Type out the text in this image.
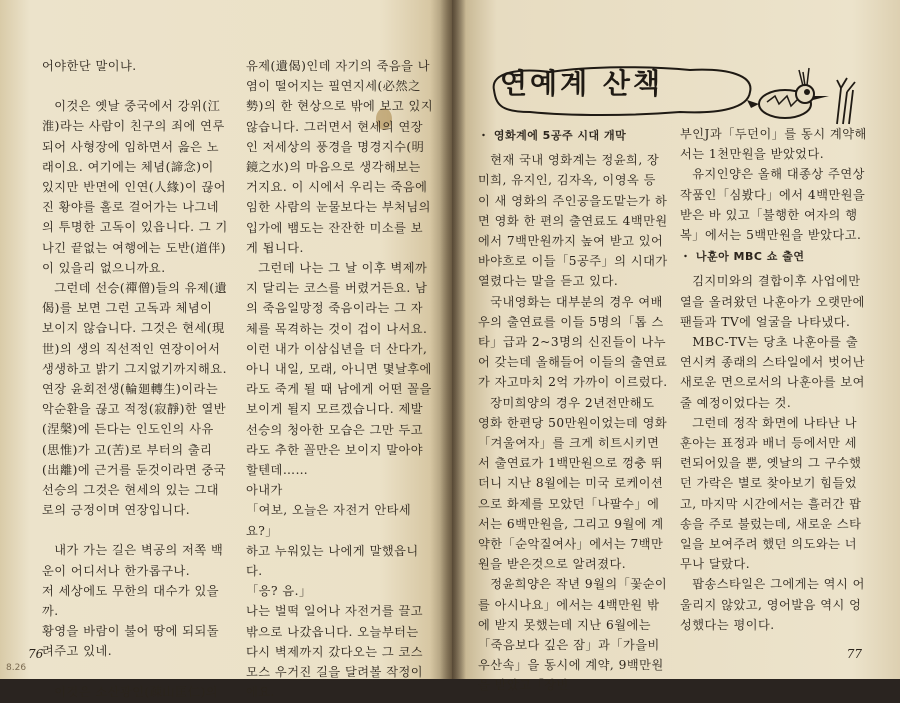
어야한단 말이냐.

이것은 옛날 중국에서 강위(江淮)라는 사람이 친구의 죄에 연루되어 사형장에 임하면서 읊은 노래이요. 여기에는 체념(諦念)이 있지만 반면에 인연(人緣)이 끊어진 황야를 홀로 걸어가는 나그네의 투명한 고독이 있읍니다. 그 기나긴 끝없는 여행에는 도반(道伴)이 있을리 없으니까요.

그런데 선승(禪僧)들의 유제(遺偈)를 보면 그런 고독과 체념이 보이지 않습니다. 그것은 현세(現世)의 생의 직선적인 연장이어서 생생하고 밝기 그지없기까지해요. 연장 윤회전생(輪廻轉生)이라는 악순환을 끊고 적정(寂靜)한 열반(涅槃)에 든다는 인도인의 사유(思惟)가 고(苦)로 부터의 출리(出離)에 근거를 둔것이라면 중국선승의 그것은 현세의 있는 그대로의 긍정이며 연장입니다.

내가 가는 길은 벽공의 저쪽 백운이 어디서나 한가롭구나.
저 세상에도 무한의 대수가 있을까.
황영을 바람이 불어 땅에 되되돌려주고 있네.

이것은 소산광인(疎山匡仁)의

유제(遺偈)인데 자기의 죽음을 나염이 떨어지는 필연지세(必然之勢)의 한 현상으로 밖에 보고 있지 않습니다. 그러면서 현세의 연장인 저세상의 풍경을 명경지수(明鏡之水)의 마음으로 생각해보는 거지요. 이 시에서 우리는 죽음에 임한 사람의 눈물보다는 부처님의 입가에 뱀도는 잔잔한 미소를 보게 됩니다.

그런데 나는 그 날 이후 벽제까지 달리는 코스를 버렸거든요. 남의 죽음일망정 죽음이라는 그 자체를 목격하는 것이 겁이 나서요. 이런 내가 이삼십년을 더 산다가, 아니 내일, 모래, 아니면 몇날후에라도 죽게 될 때 남에게 어떤 꼴을 보이게 될지 모르겠습니다. 제발 선승의 청아한 모습은 그만 두고라도 추한 꼴만은 보이지 말아야 할텐데……

아내가
「여보, 오늘은 자전거 안타세요?」
하고 누워있는 나에게 말했읍니다.
「응? 음.」
나는 벌떡 일어나 자전거를 끌고 밖으로 나갔읍니다. 오늘부터는 다시 벽제까지 갔다오는 그 코스모스 우거진 길을 달려볼 작정이에요.

76
8.26

・ 영화계에 5공주 시대 개막

현재 국내 영화계는 정윤희, 장미희, 유지인, 김자옥, 이영옥 등이 새 영화의 주인공을도맡는가 하면 영화 한 편의 출연료도 4백만원에서 7백만원까지 높여 받고 있어 바야흐로 이들「5공주」의 시대가 열렸다는 말을 듣고 있다.

국내영화는 대부분의 경우 여배우의 출연료를 이들 5명의「톱 스타」급과 2~3명의 신진들이 나누어 갖는데 올해들어 이들의 출연료가 자고마치 2억 가까이 이르렀다.

장미희양의 경우 2년전만해도 영화 한편당 50만원이었는데 영화「겨울여자」를 크게 히트시키면서 출연료가 1백만원으로 껑충 뛰더니 지난 8월에는 미국 로케이션으로 화제를 모았던「나팔수」에서는 6백만원을, 그리고 9월에 계약한「순악질여사」에서는 7백만원을 받은것으로 알려졌다.

정윤희양은 작년 9월의「꽃순이를 아시나요」에서는 4백만원 밖에 받지 못했는데 지난 6월에는「죽음보다 깊은 잠」과「가을비 우산속」을 동시에 계약, 9백만원을 받았고「장변

부인J과「두던이」를 동시 계약해서는 1천만원을 받았었다.

유지인양은 올해 대종상 주연상 작품인「심봤다」에서 4백만원을 받은 바 있고「불행한 여자의 행복」에서는 5백만원을 받았다고.

・ 나훈아 MBC 쇼 출연

김지미와의 결합이후 사업에만 열을 올려왔던 나훈아가 오랫만에 팬들과 TV에 얼굴을 나타냈다.

MBC-TV는 당초 나훈아를 출연시켜 종래의 스타일에서 벗어난 새로운 면으로서의 나훈아를 보여줄 예정이었다는 것.

그런데 정작 화면에 나타난 나훈아는 표정과 배너 등에서만 세련되어있을 뿐, 옛날의 그 구수했던 가락은 별로 찾아보기 힘들었고, 마지막 시간에서는 흘러간 팝송을 주로 불렀는데, 새로운 스타일을 보여주려 했던 의도와는 너무나 달랐다.

팝송스타일은 그에게는 역시 어울리지 않았고, 영어발음 역시 엉성했다는 평이다.

77
연예계 산책
